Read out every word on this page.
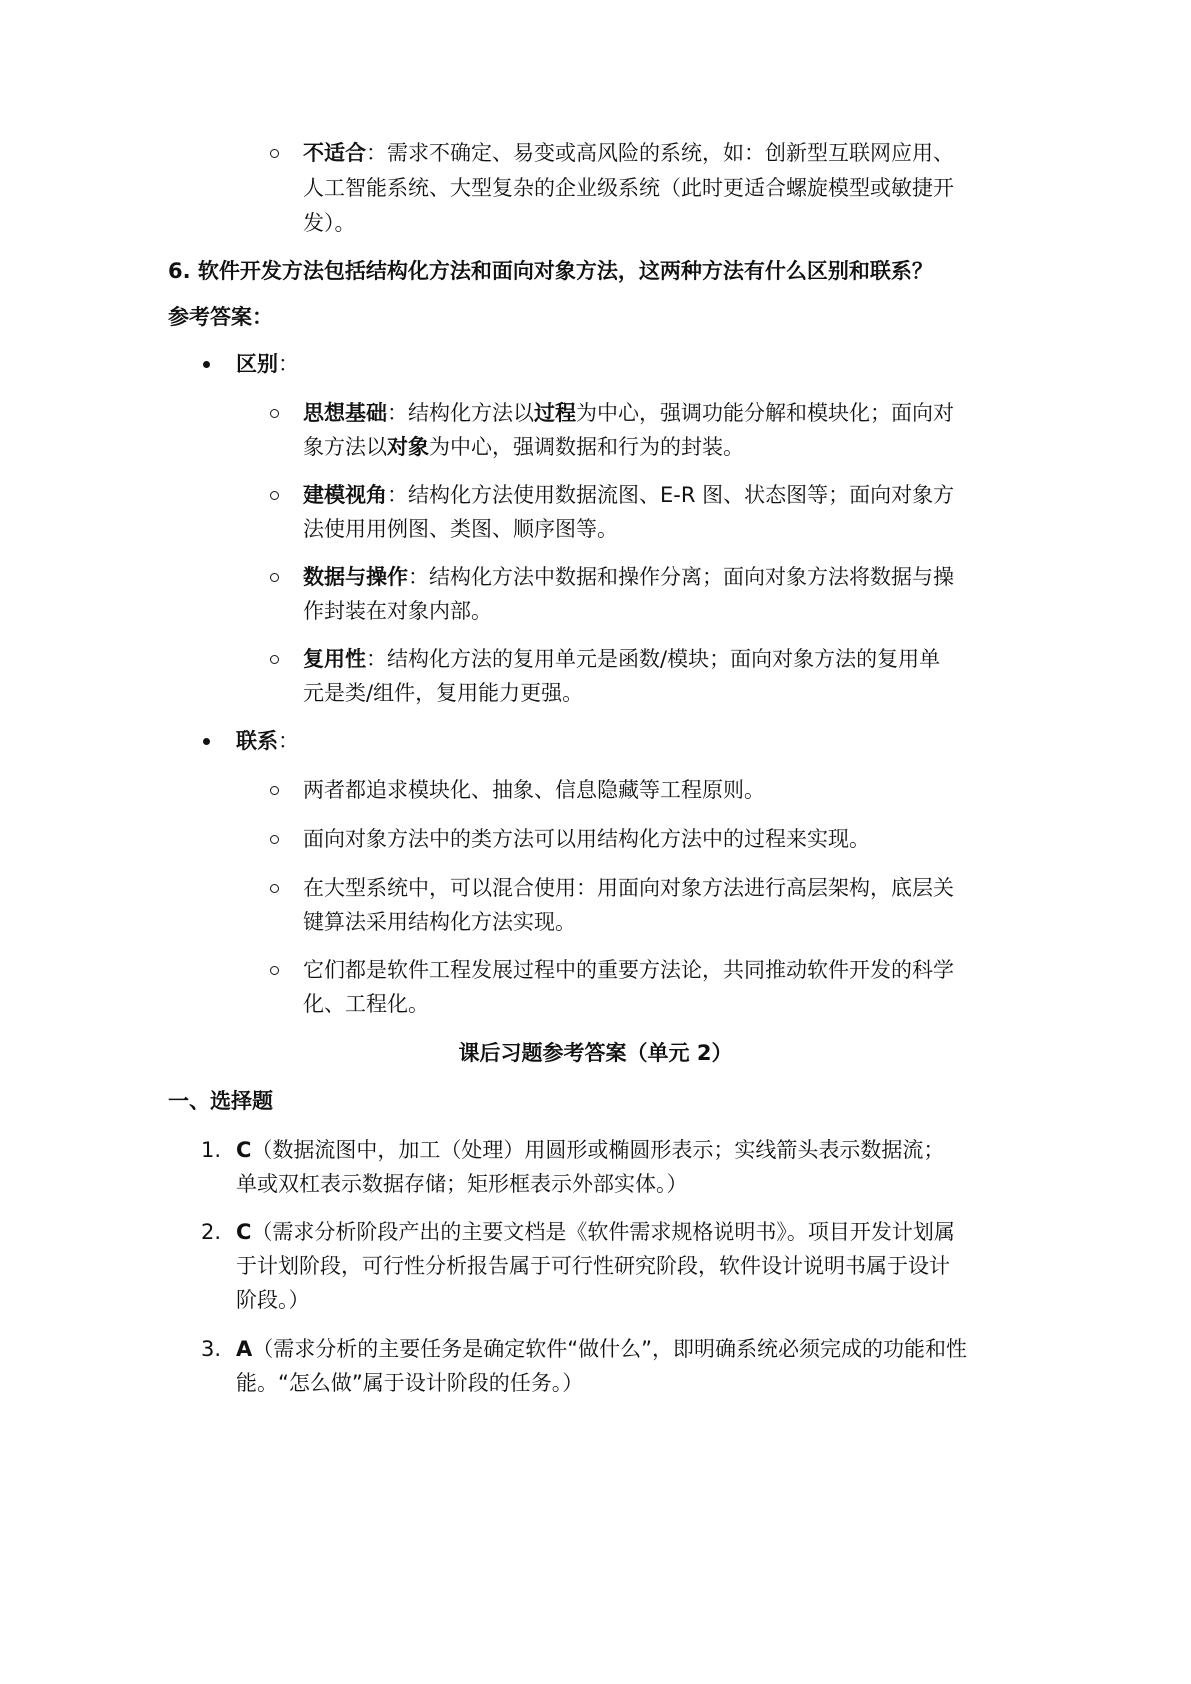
不适合：需求不确定、易变或高风险的系统，如：创新型互联网应用、
人工智能系统、大型复杂的企业级系统（此时更适合螺旋模型或敏捷开
发）。
6. 软件开发方法包括结构化方法和面向对象方法，这两种方法有什么区别和联系？
参考答案：
区别：
思想基础：结构化方法以过程为中心，强调功能分解和模块化；面向对
象方法以对象为中心，强调数据和行为的封装。
建模视角：结构化方法使用数据流图、E-R 图、状态图等；面向对象方
法使用用例图、类图、顺序图等。
数据与操作：结构化方法中数据和操作分离；面向对象方法将数据与操
作封装在对象内部。
复用性：结构化方法的复用单元是函数/模块；面向对象方法的复用单
元是类/组件，复用能力更强。
联系：
两者都追求模块化、抽象、信息隐藏等工程原则。
面向对象方法中的类方法可以用结构化方法中的过程来实现。
在大型系统中，可以混合使用：用面向对象方法进行高层架构，底层关
键算法采用结构化方法实现。
它们都是软件工程发展过程中的重要方法论，共同推动软件开发的科学
化、工程化。
课后习题参考答案（单元 2）
一、选择题
1. C（数据流图中，加工（处理）用圆形或椭圆形表示；实线箭头表示数据流；
单或双杠表示数据存储；矩形框表示外部实体。）
2. C（需求分析阶段产出的主要文档是《软件需求规格说明书》。项目开发计划属
于计划阶段，可行性分析报告属于可行性研究阶段，软件设计说明书属于设计
阶段。）
3. A（需求分析的主要任务是确定软件“做什么”，即明确系统必须完成的功能和性
能。“怎么做”属于设计阶段的任务。）
